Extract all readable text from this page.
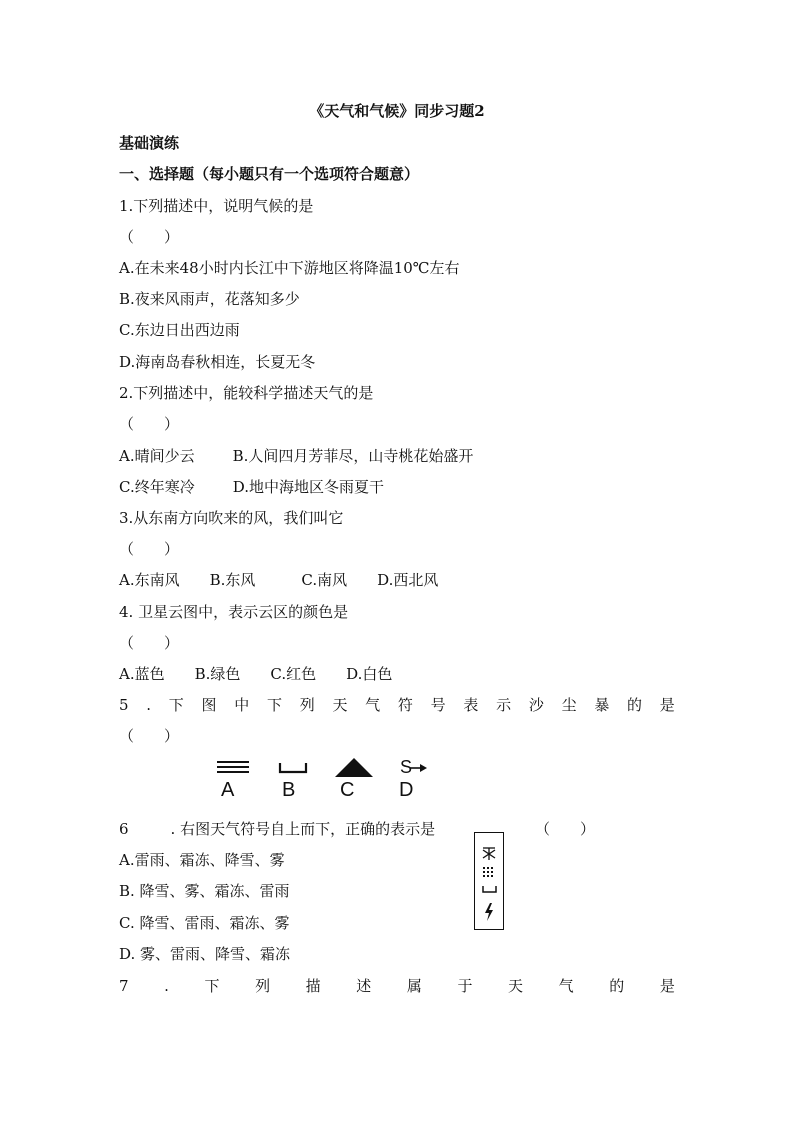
《天气和气候》同步习题2
基础演练
一、选择题（每小题只有一个选项符合题意）
1.下列描述中，说明气候的是
（　　）
A.在未来48小时内长江中下游地区将降温10℃左右
B.夜来风雨声，花落知多少
C.东边日出西边雨
D.海南岛春秋相连，长夏无冬
2.下列描述中，能较科学描述天气的是
（　　）
A.晴间少云	B.人间四月芳菲尽，山寺桃花始盛开
C.终年寒冷	D.地中海地区冬雨夏干
3.从东南方向吹来的风，我们叫它
（　　）
A.东南风 B.东风	C.南风 D.西北风
4. 卫星云图中，表示云区的颜色是
（　　）
A.蓝色 B.绿色 C.红色 D.白色
5 . 下 图 中 下 列 天 气 符 号 表 示 沙 尘 暴 的 是
（　　）
A B C
S
D
6	. 右图天气符号自上而下，正确的表示是	（　　）
A.雷雨、霜冻、降雪、雾
B. 降雪、雾、霜冻、雷雨
C. 降雪、雷雨、霜冻、雾
D. 雾、雷雨、降雪、霜冻
7 . 下 列 描 述 属 于 天 气 的 是
